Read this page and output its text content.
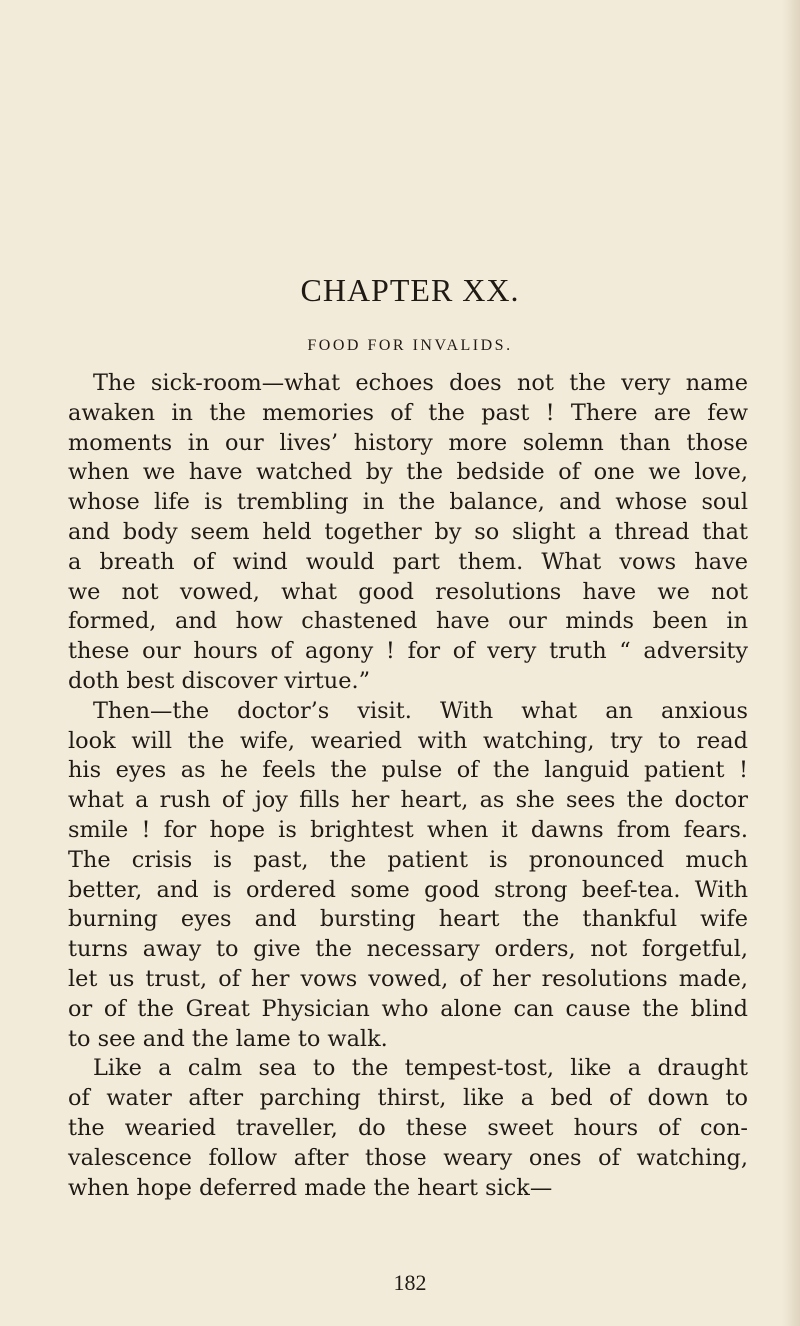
CHAPTER XX.
FOOD FOR INVALIDS.
The sick-room—what echoes does not the very name
awaken in the memories of the past ! There are few
moments in our lives’ history more solemn than those
when we have watched by the bedside of one we love,
whose life is trembling in the balance, and whose soul
and body seem held together by so slight a thread that
a breath of wind would part them. What vows have
we not vowed, what good resolutions have we not
formed, and how chastened have our minds been in
these our hours of agony ! for of very truth “ adversity
doth best discover virtue.”
Then—the doctor’s visit. With what an anxious
look will the wife, wearied with watching, try to read
his eyes as he feels the pulse of the languid patient !
what a rush of joy fills her heart, as she sees the doctor
smile ! for hope is brightest when it dawns from fears.
The crisis is past, the patient is pronounced much
better, and is ordered some good strong beef-tea. With
burning eyes and bursting heart the thankful wife
turns away to give the necessary orders, not forgetful,
let us trust, of her vows vowed, of her resolutions made,
or of the Great Physician who alone can cause the blind
to see and the lame to walk.
Like a calm sea to the tempest-tost, like a draught
of water after parching thirst, like a bed of down to
the wearied traveller, do these sweet hours of con-
valescence follow after those weary ones of watching,
when hope deferred made the heart sick—
182
